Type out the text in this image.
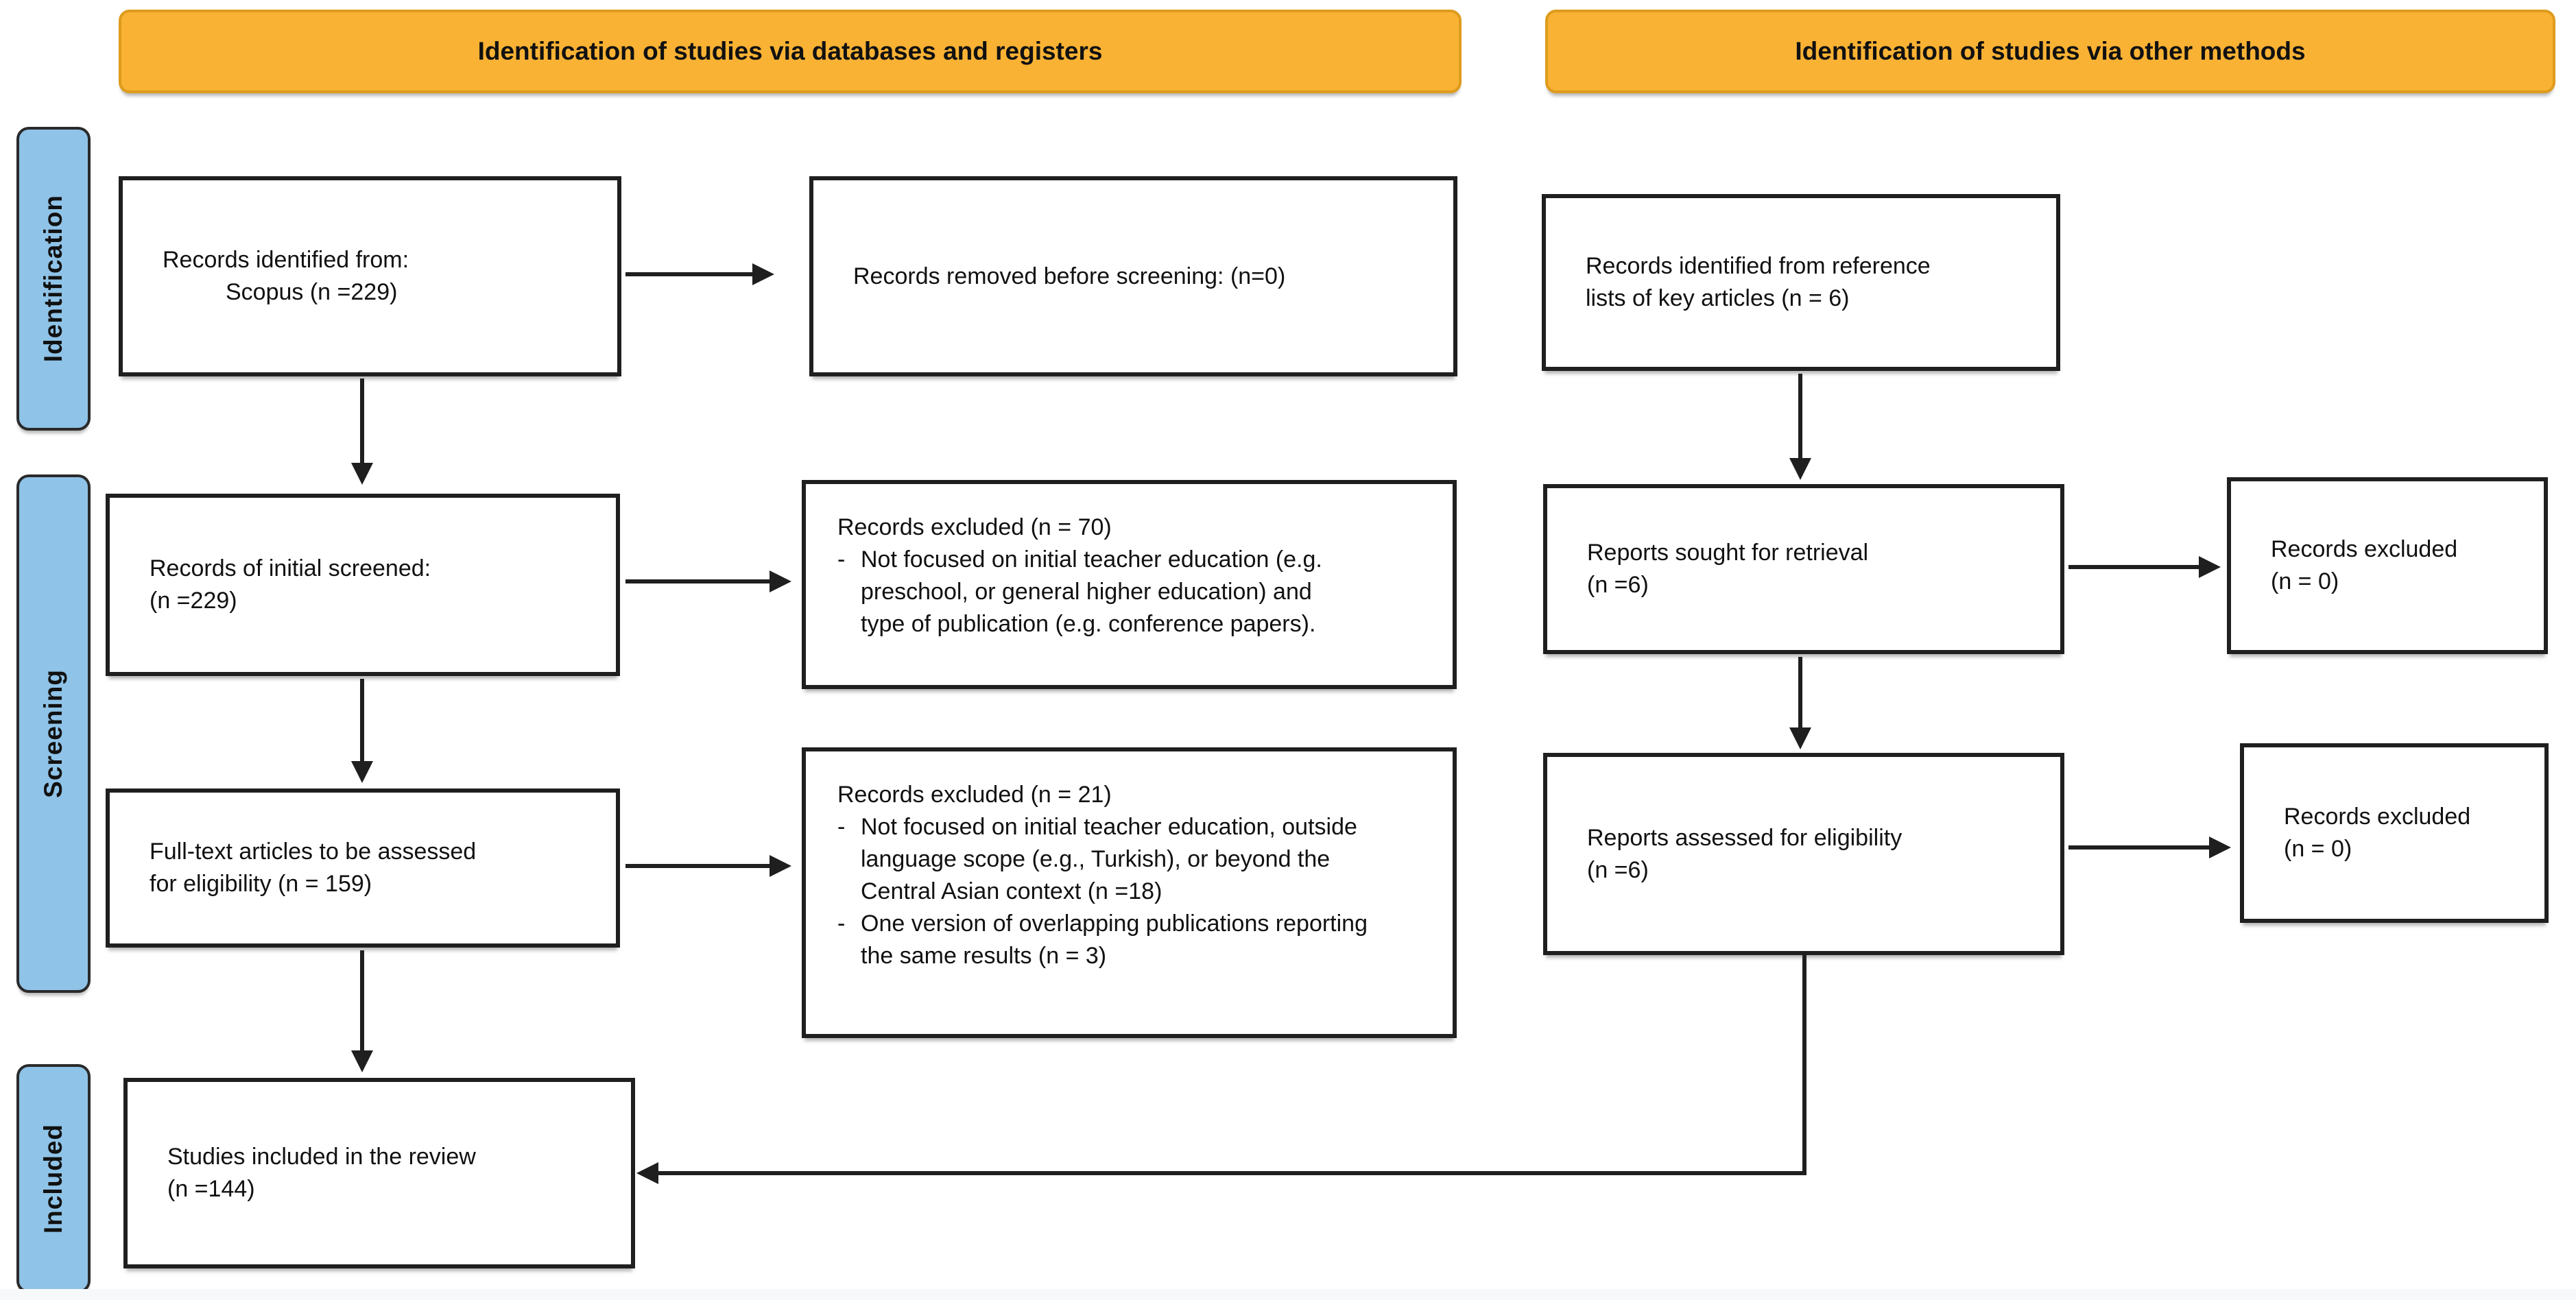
Identification of studies via databases and registers	Identification of studies via other methods
Identification
Screening
Included
Records identified from:
Scopus (n =229)
Records removed before screening: (n=0)	Records identified from reference
lists of key articles (n = 6)
Records of initial screened:
(n =229)
Records excluded (n = 70)
- Not focused on initial teacher education (e.g. preschool, or general higher education) and type of publication (e.g. conference papers).
Reports sought for retrieval
(n =6)
Records excluded
(n = 0)
Full-text articles to be assessed
for eligibility (n = 159)
Records excluded (n = 21)
- Not focused on initial teacher education, outside language scope (e.g., Turkish), or beyond the Central Asian context (n =18)
- One version of overlapping publications reporting the same results (n = 3)
Reports assessed for eligibility
(n =6)
Records excluded
(n = 0)
Studies included in the review
(n =144)
